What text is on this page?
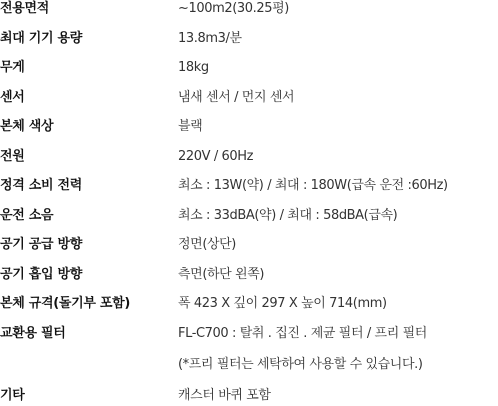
전용면적	~100m2(30.25평)
최대 기기 용량	13.8m3/분
무게	18kg
센서	냄새 센서 / 먼지 센서
본체 색상	블랙
전원	220V / 60Hz
정격 소비 전력	최소 : 13W(약) / 최대 : 180W(급속 운전 :60Hz)
운전 소음	최소 : 33dBA(약) / 최대 : 58dBA(급속)
공기 공급 방향	정면(상단)
공기 흡입 방향	측면(하단 왼쪽)
본체 규격(돌기부 포함)	폭 423 X 깊이 297 X 높이 714(mm)
교환용 필터	FL-C700 : 탈취 . 집진 . 제균 필터 / 프리 필터
(*프리 필터는 세탁하여 사용할 수 있습니다.)
기타	캐스터 바퀴 포함
